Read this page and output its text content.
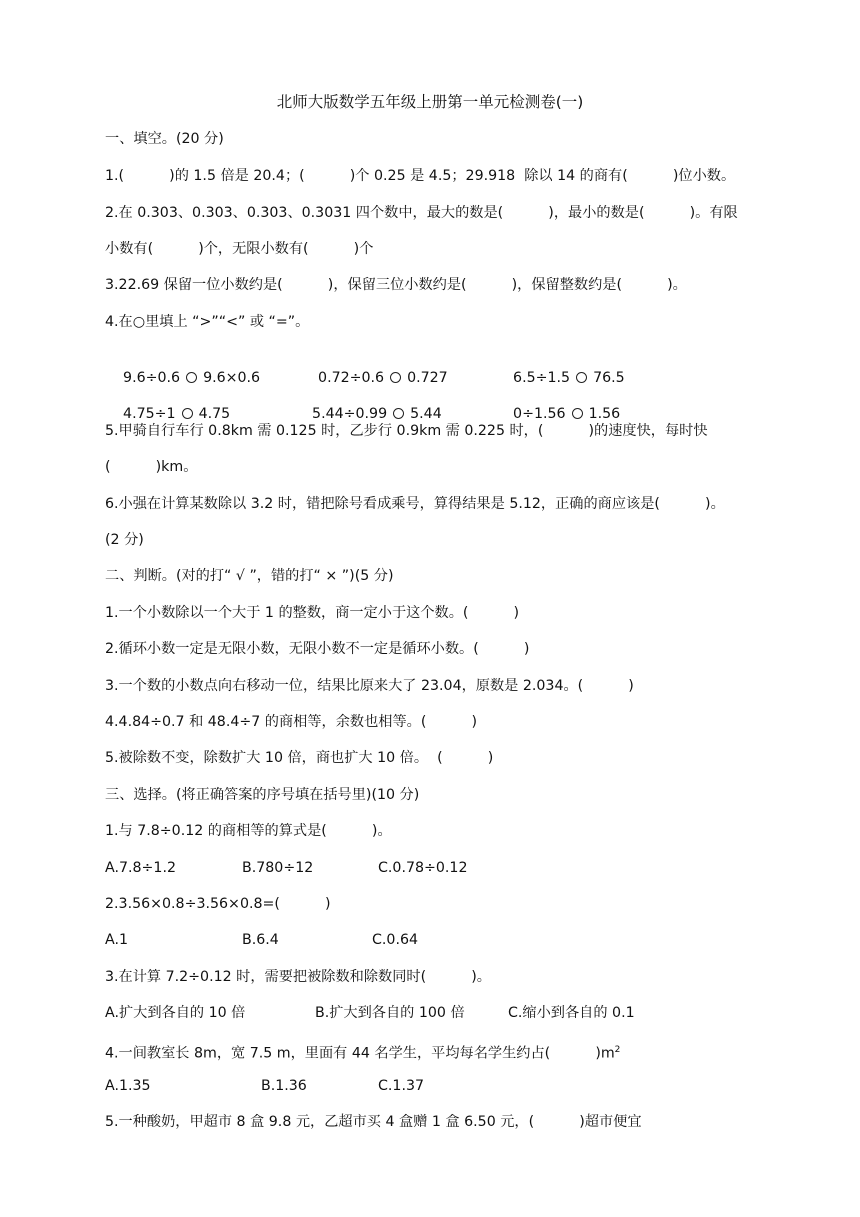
北师大版数学五年级上册第一单元检测卷(一)

一、填空。(20 分)

1.(          )的 1.5 倍是 20.4；(          )个 0.25 是 4.5；29.918  除以 14 的商有(          )位小数。

2.在 0.303、0.303、0.303、0.3031 四个数中，最大的数是(          )，最小的数是(          )。有限

小数有(          )个，无限小数有(          )个

3.22.69 保留一位小数约是(          )，保留三位小数约是(          )，保留整数约是(          )。

4.在○里填上 “>”“<” 或 “=”。

9.6÷0.6 9.6×0.6
	0.72÷0.6 0.727
	6.5÷1.5 76.5

4.75÷1 4.75
	5.44÷0.99 5.44
	0÷1.56 1.56

5.甲骑自行车行 0.8km 需 0.125 时，乙步行 0.9km 需 0.225 时，(          )的速度快，每时快

(          )km。

6.小强在计算某数除以 3.2 时，错把除号看成乘号，算得结果是 5.12，正确的商应该是(          )。

(2 分)

二、判断。(对的打“ √ ”，错的打“ × ”)(5 分)

1.一个小数除以一个大于 1 的整数，商一定小于这个数。(          )

2.循环小数一定是无限小数，无限小数不一定是循环小数。(          )

3.一个数的小数点向右移动一位，结果比原来大了 23.04，原数是 2.034。(          )

4.4.84÷0.7 和 48.4÷7 的商相等，余数也相等。(          )

5.被除数不变，除数扩大 10 倍，商也扩大 10 倍。  (          )

三、选择。(将正确答案的序号填在括号里)(10 分)

1.与 7.8÷0.12 的商相等的算式是(          )。

A.7.8÷1.2	B.780÷12	C.0.78÷0.12

2.3.56×0.8÷3.56×0.8=(          )

A.1	B.6.4	C.0.64

3.在计算 7.2÷0.12 时，需要把被除数和除数同时(          )。

A.扩大到各自的 10 倍	B.扩大到各自的 100 倍	C.缩小到各自的 0.1

4.一间教室长 8m，宽 7.5 m，里面有 44 名学生，平均每名学生约占(          )$m^2$

A.1.35	B.1.36	C.1.37

5.一种酸奶，甲超市 8 盒 9.8 元，乙超市买 4 盒赠 1 盒 6.50 元，(          )超市便宜
